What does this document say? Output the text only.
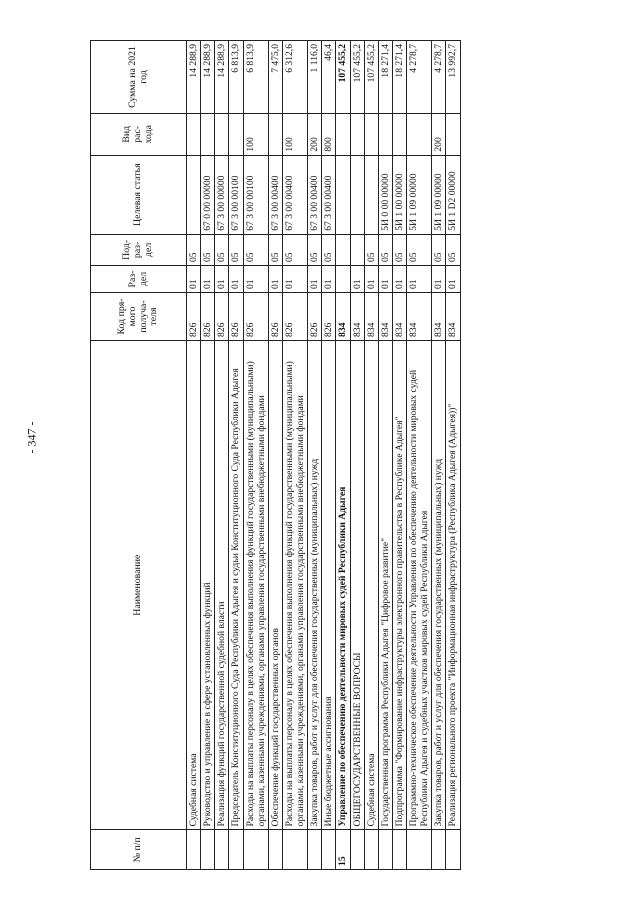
- 347 -
№ п/п	Наименование	Код пря-мого получа-теля	Раз-дел	Под-раз-дел	Целевая статья	Вид рас-хода	Сумма на 2021 год
	Судебная система	826	01	05			14 288,9
	Руководство и управление в сфере установленных функций	826	01	05	67 0 00 00000		14 288,9
	Реализация функций государственной судебной власти	826	01	05	67 3 00 00000		14 288,9
	Председатель Конституционного Суда Республики Адыгея и судьи Конституционного Суда Республики Адыгея	826	01	05	67 3 00 00100		6 813,9
	Расходы на выплаты персоналу в целях обеспечения выполнения функций государственными (муниципальными) органами, казенными учреждениями, органами управления государственными внебюджетными фондами	826	01	05	67 3 00 00100	100	6 813,9
	Обеспечение функций государственных органов	826	01	05	67 3 00 00400		7 475,0
	Расходы на выплаты персоналу в целях обеспечения выполнения функций государственными (муниципальными) органами, казенными учреждениями, органами управления государственными внебюджетными фондами	826	01	05	67 3 00 00400	100	6 312,6
	Закупка товаров, работ и услуг для обеспечения государственных (муниципальных) нужд	826	01	05	67 3 00 00400	200	1 116,0
	Иные бюджетные ассигнования	826	01	05	67 3 00 00400	800	46,4
15	Управление по обеспечению деятельности мировых судей Республики Адыгея	834					107 455,2
	ОБЩЕГОСУДАРСТВЕННЫЕ ВОПРОСЫ	834	01				107 455,2
	Судебная система	834	01	05			107 455,2
	Государственная программа Республики Адыгея "Цифровое развитие"	834	01	05	5И 0 00 00000		18 271,4
	Подпрограмма "Формирование инфраструктуры электронного правительства в Республике Адыгея"	834	01	05	5И 1 00 00000		18 271,4
	Программно-техническое обеспечение деятельности Управления по обеспечению деятельности мировых судей Республики Адыгея и судебных участков мировых судей Республики Адыгея	834	01	05	5И 1 09 00000		4 278,7
	Закупка товаров, работ и услуг для обеспечения государственных (муниципальных) нужд	834	01	05	5И 1 09 00000	200	4 278,7
	Реализация регионального проекта "Информационная инфраструктура (Республика Адыгея (Адыгея))"	834	01	05	5И 1 D2 00000		13 992,7
